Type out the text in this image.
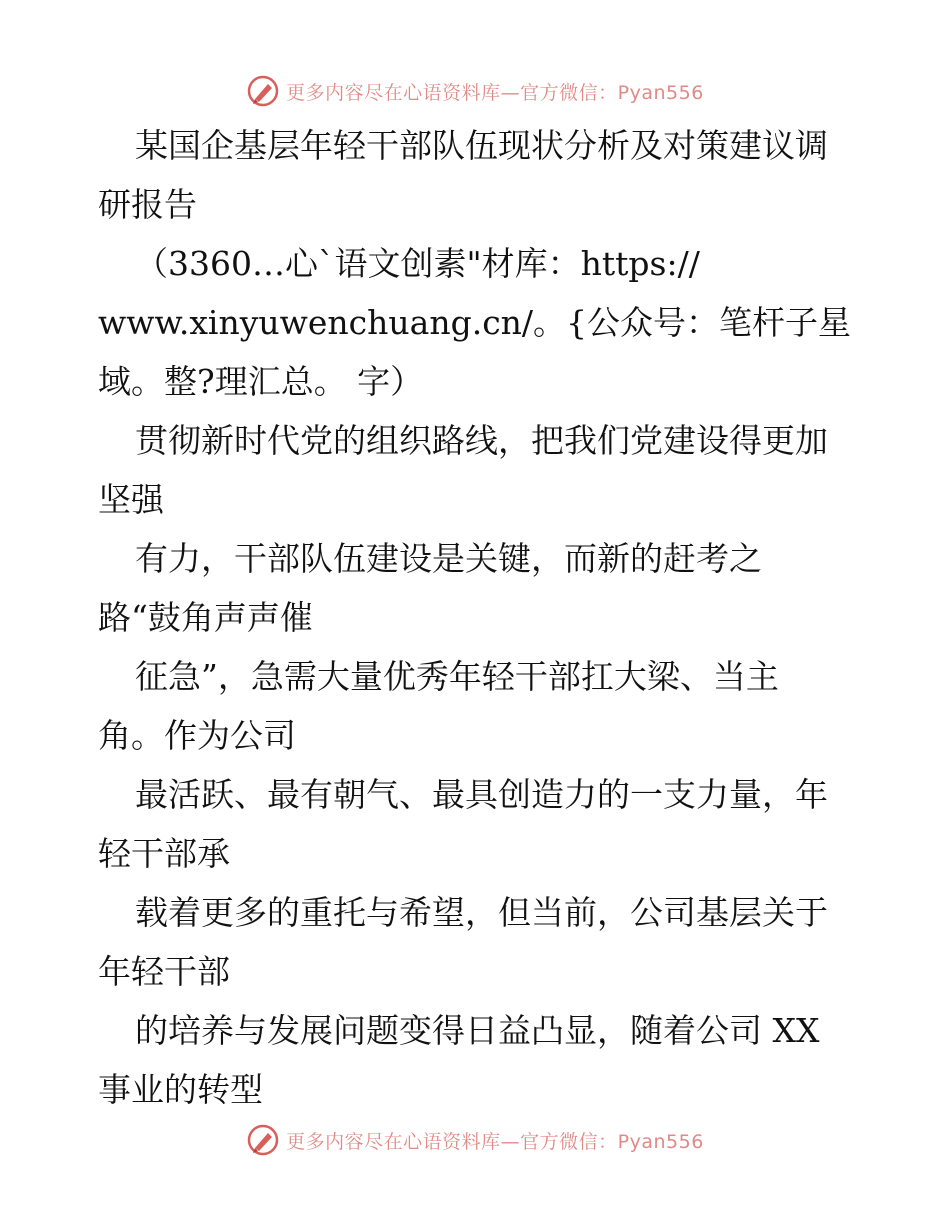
更多内容尽在心语资料库—官方微信：Pyan556

某国企基层年轻干部队伍现状分析及对策建议调

研报告

（3360…心`语文创素"材库：https://

www.xinyuwenchuang.cn/。{公众号：笔杆子星

域。整?理汇总。 字）

贯彻新时代党的组织路线，把我们党建设得更加

坚强

有力，干部队伍建设是关键，而新的赶考之

路“鼓角声声催

征急”，急需大量优秀年轻干部扛大梁、当主

角。作为公司

最活跃、最有朝气、最具创造力的一支力量，年

轻干部承

载着更多的重托与希望，但当前，公司基层关于

年轻干部

的培养与发展问题变得日益凸显，随着公司 XX

事业的转型

更多内容尽在心语资料库—官方微信：Pyan556
